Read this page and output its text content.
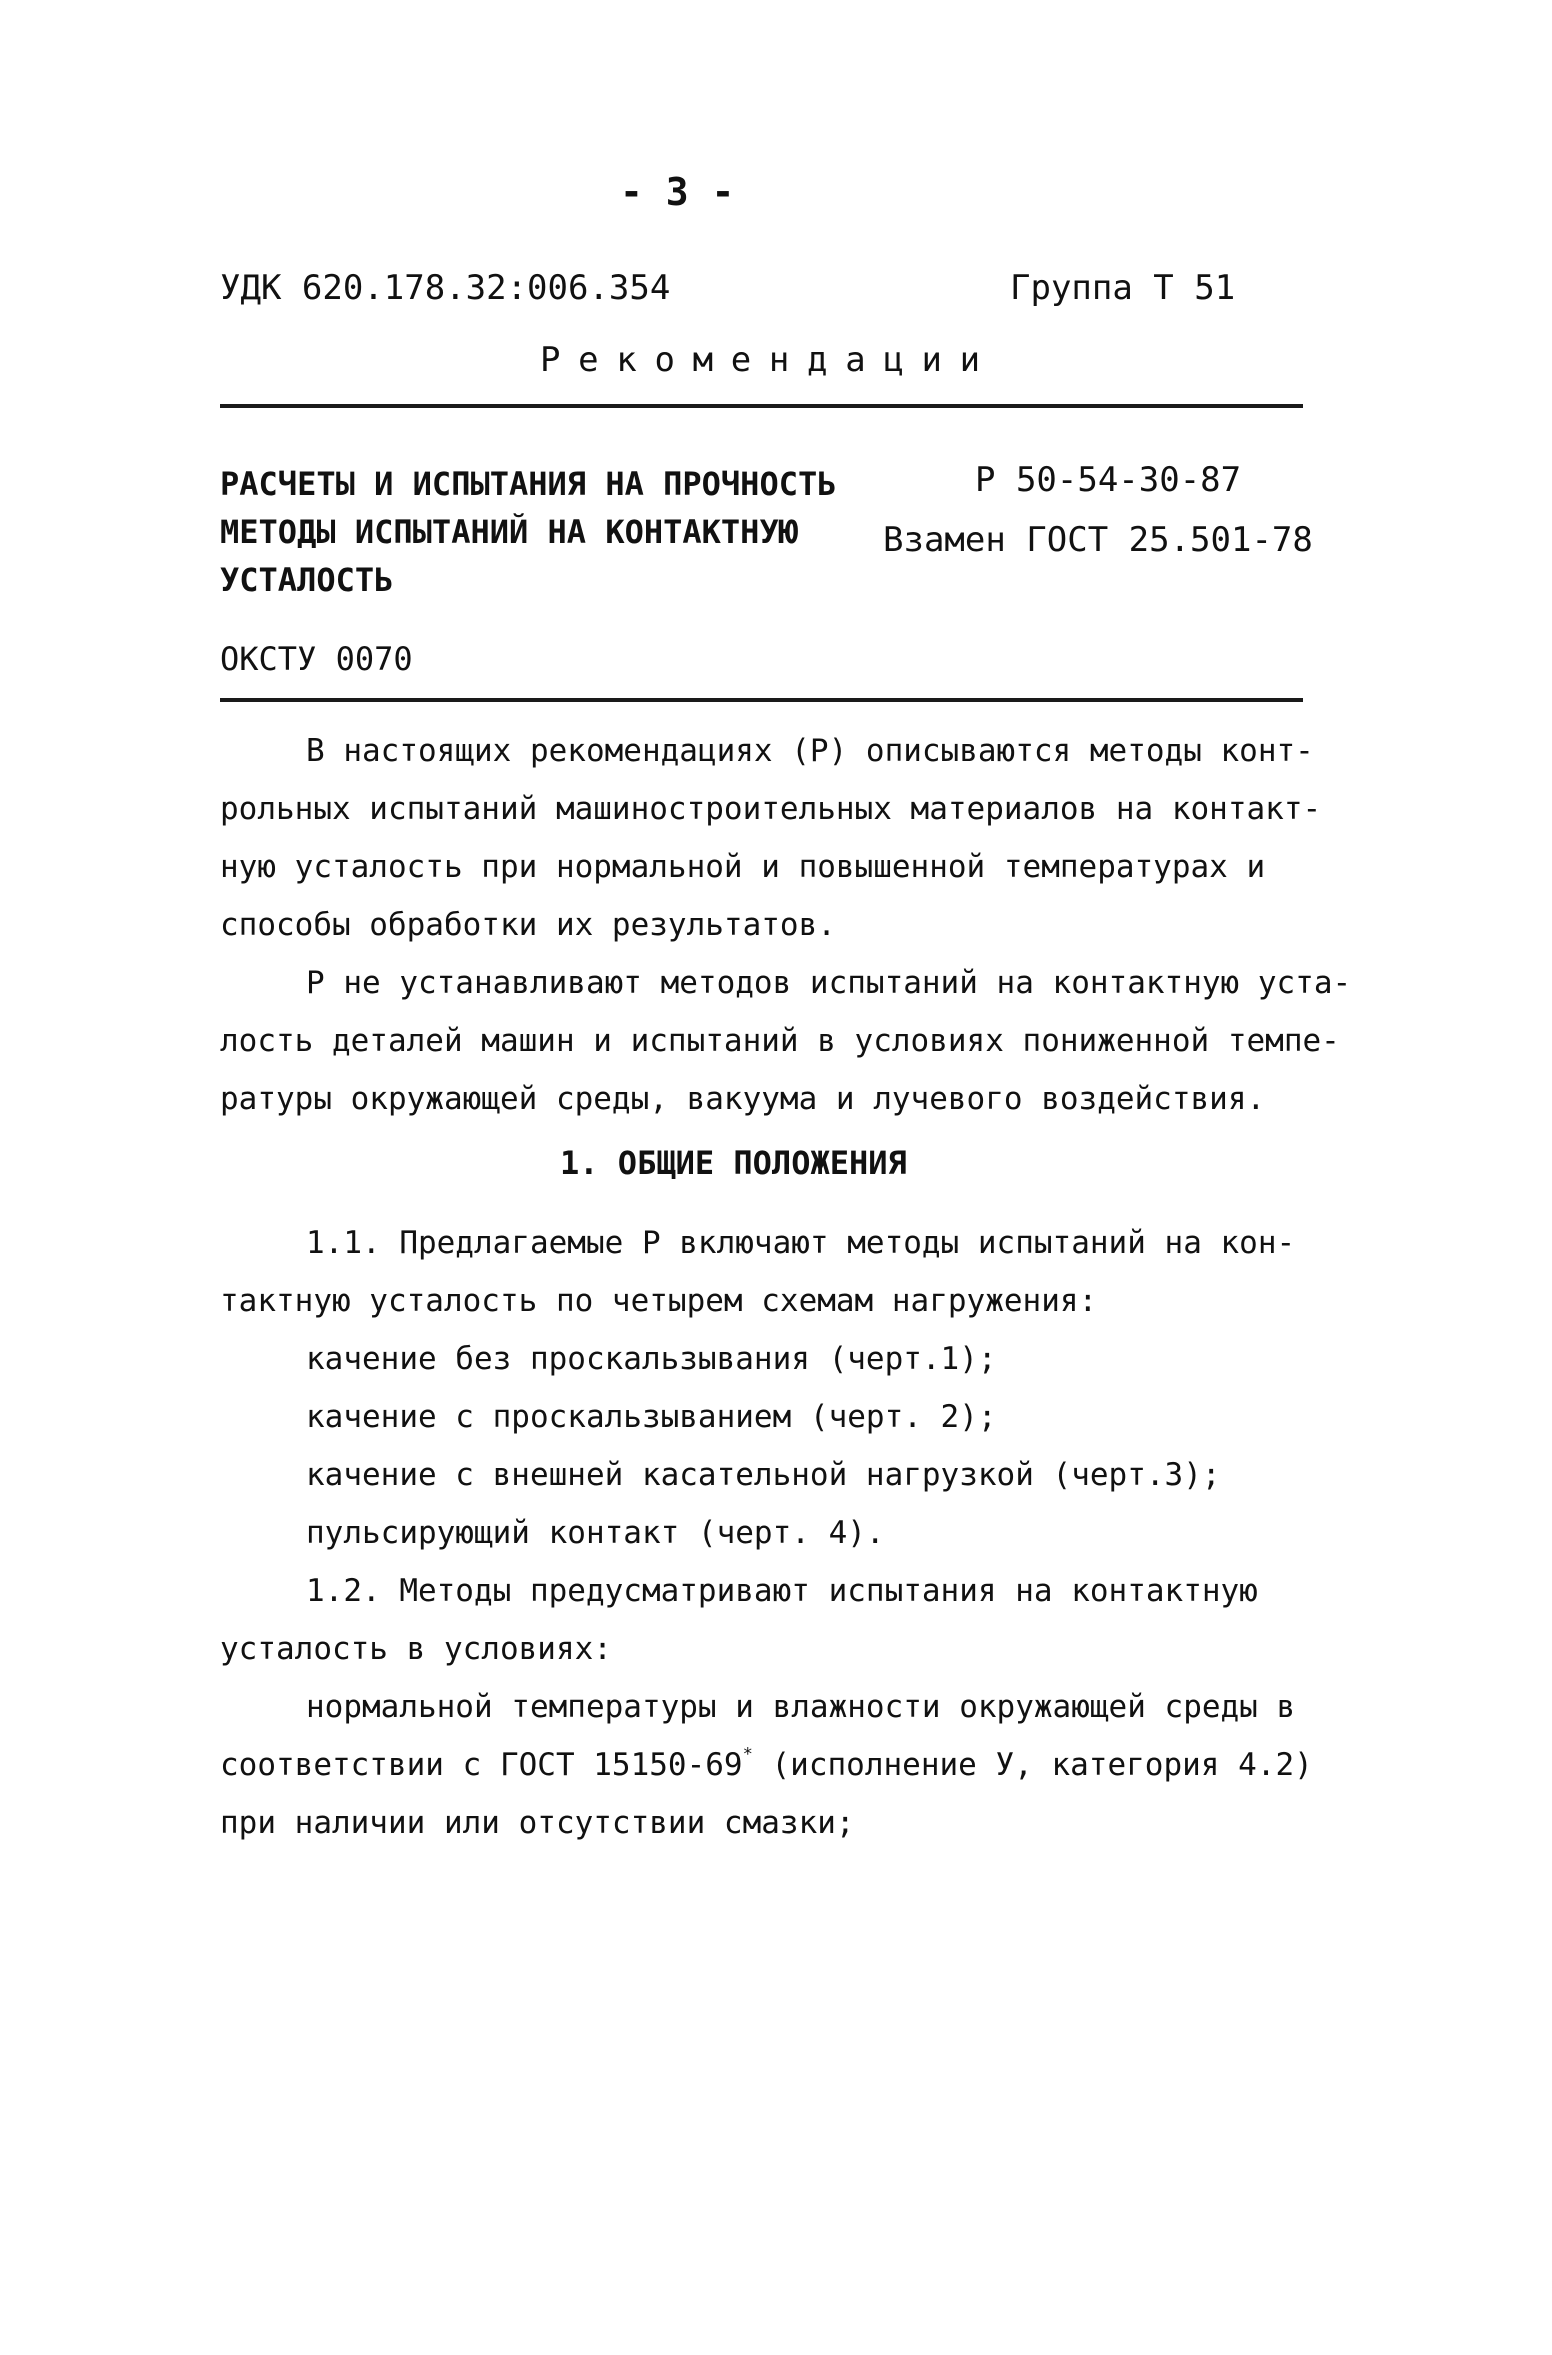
- 3 -
УДК 620.178.32:006.354	Группа Т 51
Рекомендации
РАСЧЕТЫ И ИСПЫТАНИЯ НА ПРОЧНОСТЬ
МЕТОДЫ ИСПЫТАНИЙ НА КОНТАКТНУЮ
УСТАЛОСТЬ
Р 50-54-30-87
Взамен ГОСТ 25.501-78
ОКСТУ 0070
В настоящих рекомендациях (Р) описываются методы конт-
рольных испытаний машиностроительных материалов на контакт-
ную усталость при нормальной и повышенной температурах и
способы обработки их результатов.
Р не устанавливают методов испытаний на контактную уста-
лость деталей машин и испытаний в условиях пониженной темпе-
ратуры окружающей среды, вакуума и лучевого воздействия.
1. ОБЩИЕ ПОЛОЖЕНИЯ
1.1. Предлагаемые Р включают методы испытаний на кон-
тактную усталость по четырем схемам нагружения:
качение без проскальзывания (черт.1);
качение с проскальзыванием (черт. 2);
качение с внешней касательной нагрузкой (черт.3);
пульсирующий контакт (черт. 4).
1.2. Методы предусматривают испытания на контактную
усталость в условиях:
нормальной температуры и влажности окружающей среды в
соответствии с ГОСТ 15150-69* (исполнение У, категория 4.2)
при наличии или отсутствии смазки;
